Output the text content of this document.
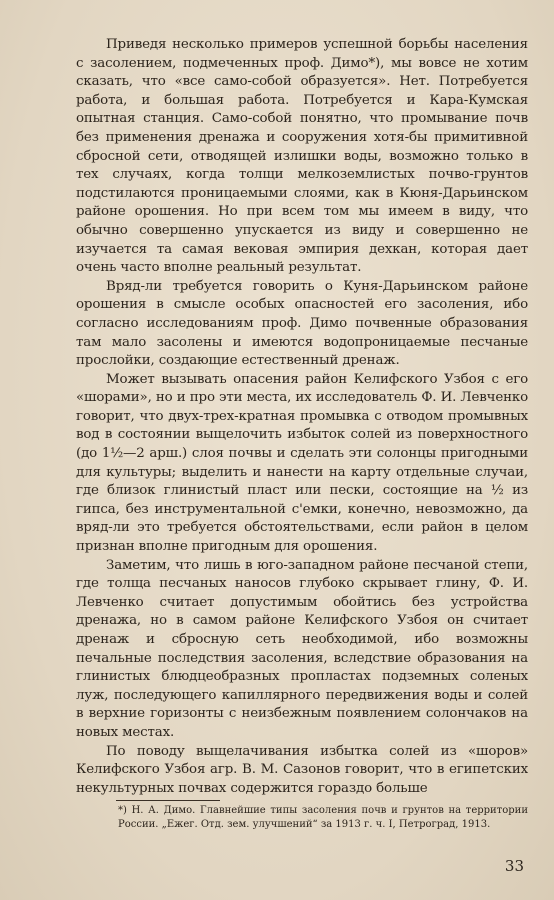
Приведя несколько примеров успешной борьбы населения с засолением, подмеченных проф. Димо*), мы вовсе не хотим сказать, что «все само-собой образуется». Нет. Потребуется работа, и большая работа. Потребуется и Кара-Кумская опытная станция. Само-собой понятно, что промывание почв без применения дренажа и сооружения хотя-бы примитивной сбросной сети, отводящей излишки воды, возможно только в тех случаях, когда толщи мелкоземлистых почво-грунтов подстилаются проницаемыми слоями, как в Кюня-Дарьинском районе орошения. Но при всем том мы имеем в виду, что обычно совершенно упускается из виду и совершенно не изучается та самая вековая эмпирия дехкан, которая дает очень часто вполне реальный результат.

Вряд-ли требуется говорить о Куня-Дарьинском районе орошения в смысле особых опасностей его засоления, ибо согласно исследованиям проф. Димо почвенные образования там мало засолены и имеются водопроницаемые песчаные прослойки, создающие естественный дренаж.

Может вызывать опасения район Келифского Узбоя с его «шорами», но и про эти места, их исследователь Ф. И. Левченко говорит, что двух-трех-кратная промывка с отводом промывных вод в состоянии выщелочить избыток солей из поверхностного (до 1½—2 арш.) слоя почвы и сделать эти солонцы пригодными для культуры; выделить и нанести на карту отдельные случаи, где близок глинистый пласт или пески, состоящие на ½ из гипса, без инструментальной с'емки, конечно, невозможно, да вряд-ли это требуется обстоятельствами, если район в целом признан вполне пригодным для орошения.

Заметим, что лишь в юго-западном районе песчаной степи, где толща песчаных наносов глубоко скрывает глину, Ф. И. Левченко считает допустимым обойтись без устройства дренажа, но в самом районе Келифского Узбоя он считает дренаж и сбросную сеть необходимой, ибо возможны печальные последствия засоления, вследствие образования на глинистых блюдцеобразных пропластах подземных соленых луж, последующего капиллярного передвижения воды и солей в верхние горизонты с неизбежным появлением солончаков на новых местах.

По поводу выщелачивания избытка солей из «шоров» Келифского Узбоя агр. В. М. Сазонов говорит, что в египетских некультурных почвах содержится гораздо больше

*) Н. А. Димо. Главнейшие типы засоления почв и грунтов на территории России. „Ежег. Отд. зем. улучшений“ за 1913 г. ч. I, Петроград, 1913.
33
